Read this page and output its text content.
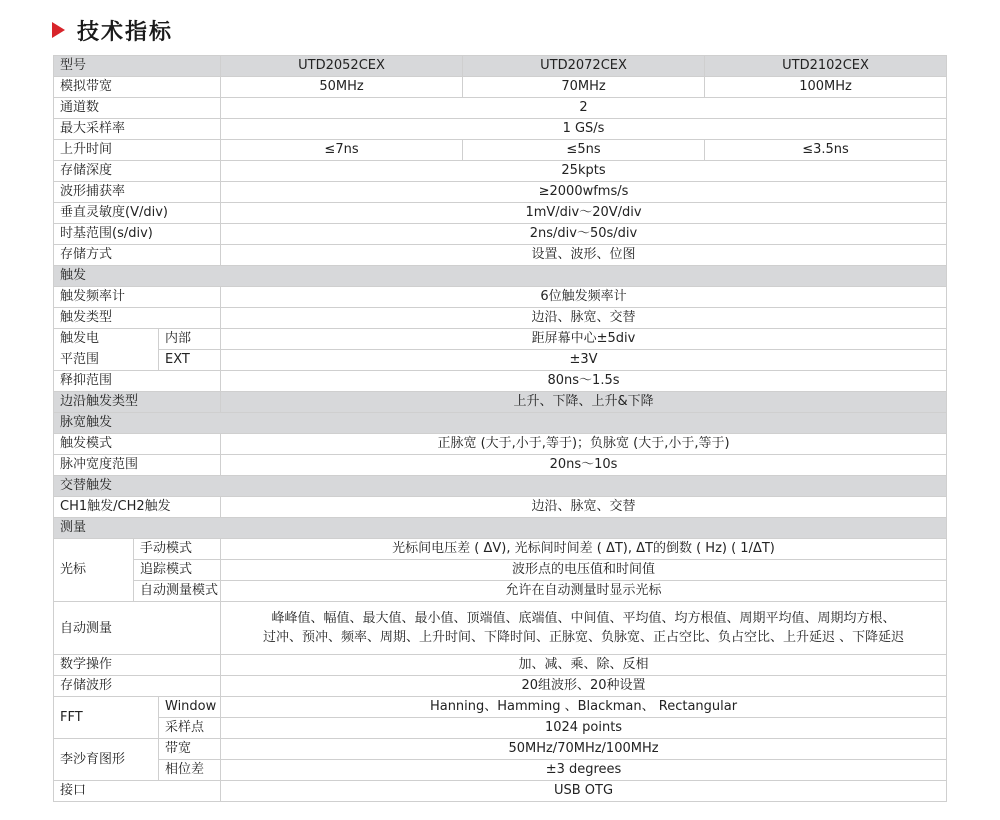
技术指标
型号			UTD2052CEX	UTD2072CEX	UTD2102CEX
模拟带宽			50MHz	70MHz	100MHz
通道数			2		
最大采样率			1 GS/s		
上升时间			≤7ns	≤5ns	≤3.5ns
存储深度			25kpts		
波形捕获率			≥2000wfms/s		
垂直灵敏度(V/div)			1mV/div～20V/div		
时基范围(s/div)			2ns/div～50s/div		
存储方式			设置、波形、位图		
触发					
触发频率计			6位触发频率计		
触发类型			边沿、脉宽、交替		
触发电		内部	距屏幕中心±5div		
平范围		EXT	±3V		
释抑范围			80ns～1.5s		
边沿触发类型			上升、下降、上升&下降		
脉宽触发					
触发模式			正脉宽 (大于,小于,等于)；负脉宽 (大于,小于,等于)		
脉冲宽度范围			20ns～10s		
交替触发					
CH1触发/CH2触发			边沿、脉宽、交替		
测量					
光标	手动模式		光标间电压差 ( ΔV), 光标间时间差 ( ΔT), ΔT的倒数 ( Hz) ( 1/ΔT)		
	追踪模式		波形点的电压值和时间值		
	自动测量模式		允许在自动测量时显示光标		
自动测量			峰峰值、幅值、最大值、最小值、顶端值、底端值、中间值、平均值、均方根值、周期平均值、周期均方根、
过冲、预冲、频率、周期、上升时间、下降时间、正脉宽、负脉宽、正占空比、负占空比、上升延迟 、下降延迟		

数学操作			加、减、乘、除、反相		
存储波形			20组波形、20种设置		
FFT		Window	Hanning、Hamming 、Blackman、 Rectangular		
		采样点	1024 points		
李沙育图形		带宽	50MHz/70MHz/100MHz		
		相位差	±3 degrees		
接口			USB OTG		
